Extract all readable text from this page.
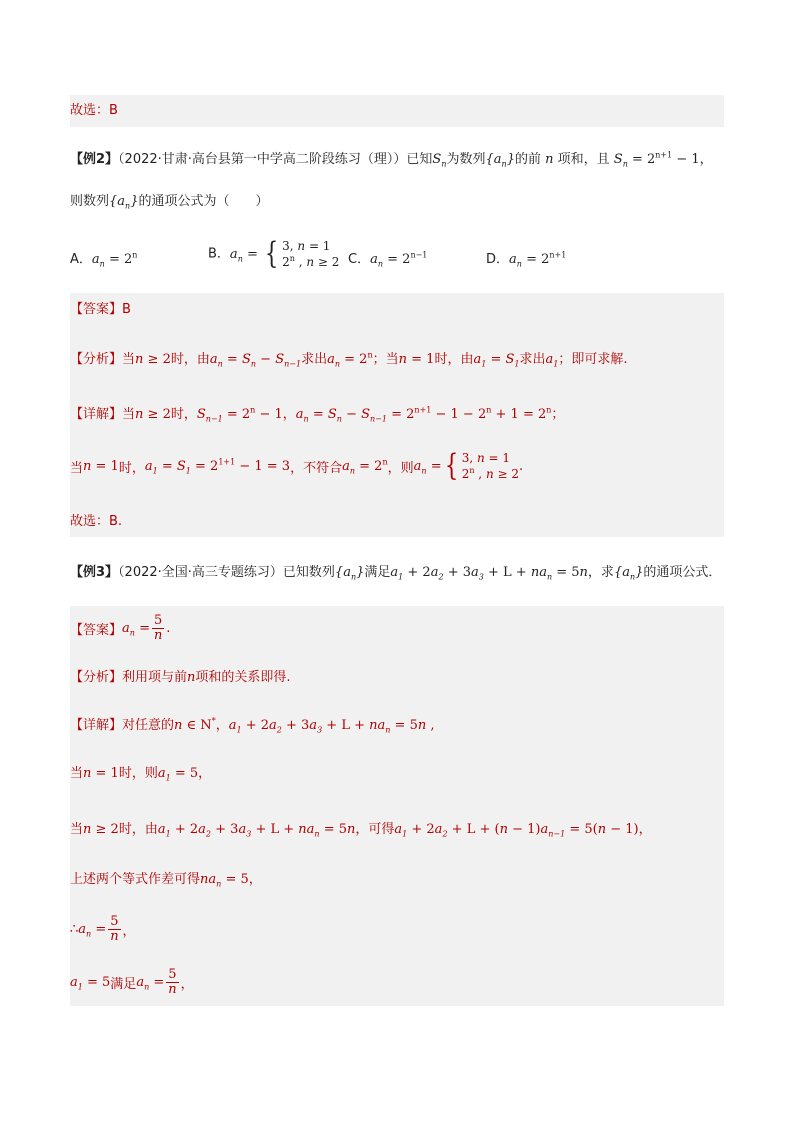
故选：B
【例2】（2022·甘肃·高台县第一中学高二阶段练习（理））已知$S_n$为数列$\{a_n\}$的前 n 项和，且 $S_n = 2^{n+1} - 1$，
则数列$\{a_n\}$的通项公式为（　　）
A．$a_n = 2^n$	B．$a_n$ = { 3, n = 1
2$^n$ , n ≥ 2 C．$a_n = 2^{n-1}$	D．$a_n = 2^{n+1}$
【答案】B
【分析】当n ≥ 2时，由$a_n = S_n - S_{n-1}$求出$a_n = 2^n$；当n = 1时，由$a_1 = S_1$求出$a_1$；即可求解.
【详解】当n ≥ 2时，$S_{n-1} = 2^n - 1$，$a_n = S_n - S_{n-1} = 2^{n+1} - 1 - 2^n + 1 = 2^n$；
当 n = 1 时， $a_1 = S_1 = 2^{1+1} - 1 = 3$ ，不符合 $a_n = 2^n$ ，则 $a_n$ = { 3, n = 1
2$^n$ , n ≥ 2
.
故选：B.
【例3】（2022·全国·高三专题练习）已知数列$\{a_n\}$满足$a_1 + 2a_2 + 3a_3 + L + na_n = 5n$，求$\{a_n\}$的通项公式．
【答案】 $a_n = \frac{5}{n}$ .
【分析】利用项与前n项和的关系即得.
【详解】对任意的n ∈ N*，$a_1 + 2a_2 + 3a_3 + L + na_n = 5n$ ,
当n = 1时，则$a_1 = 5$，
当n ≥ 2时，由$a_1 + 2a_2 + 3a_3 + L + na_n = 5n$，可得$a_1 + 2a_2 + L + (n - 1)a_{n-1} = 5(n - 1)$，
上述两个等式作差可得$na_n = 5$，
∴ $a_n = \frac{5}{n}$ ，
$a_1 = 5$ 满足 $a_n = \frac{5}{n}$ ，
